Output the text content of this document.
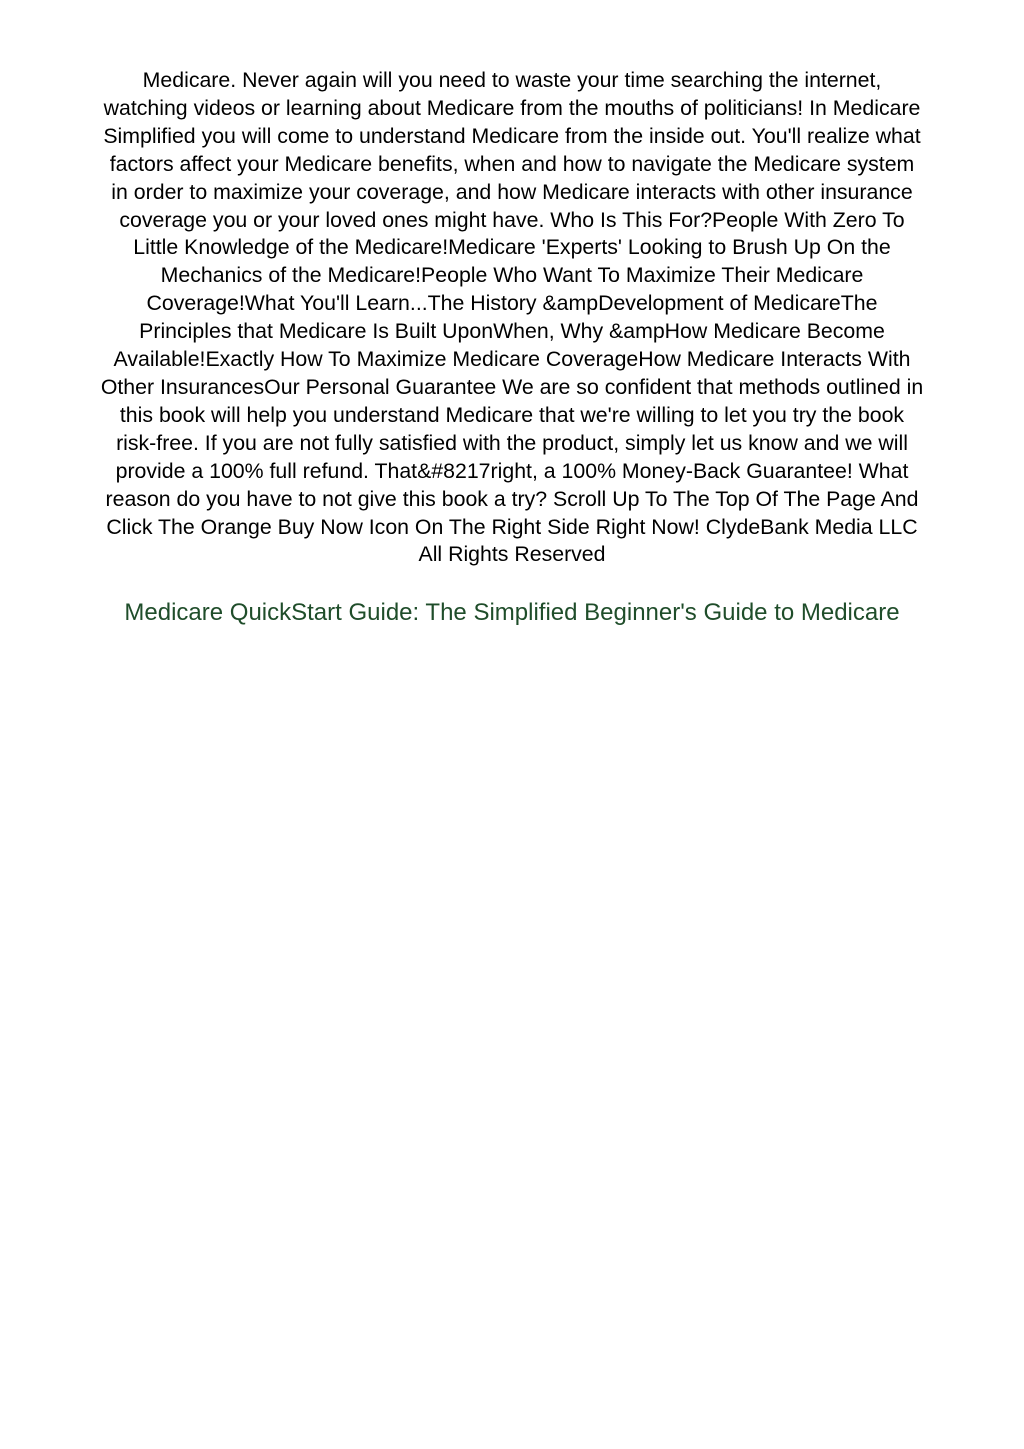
Medicare. Never again will you need to waste your time searching the internet,
watching videos or learning about Medicare from the mouths of politicians! In Medicare
Simplified you will come to understand Medicare from the inside out. You'll realize what
factors affect your Medicare benefits, when and how to navigate the Medicare system
in order to maximize your coverage, and how Medicare interacts with other insurance
coverage you or your loved ones might have. Who Is This For?People With Zero To
Little Knowledge of the Medicare!Medicare 'Experts' Looking to Brush Up On the
Mechanics of the Medicare!People Who Want To Maximize Their Medicare
Coverage!What You'll Learn...The History &ampDevelopment of MedicareThe
Principles that Medicare Is Built UponWhen, Why &ampHow Medicare Become
Available!Exactly How To Maximize Medicare CoverageHow Medicare Interacts With
Other InsurancesOur Personal Guarantee We are so confident that methods outlined in
this book will help you understand Medicare that we're willing to let you try the book
risk-free. If you are not fully satisfied with the product, simply let us know and we will
provide a 100% full refund. That&#8217right, a 100% Money-Back Guarantee! What
reason do you have to not give this book a try? Scroll Up To The Top Of The Page And
Click The Orange Buy Now Icon On The Right Side Right Now! ClydeBank Media LLC
All Rights Reserved

Medicare QuickStart Guide: The Simplified Beginner's Guide to Medicare
